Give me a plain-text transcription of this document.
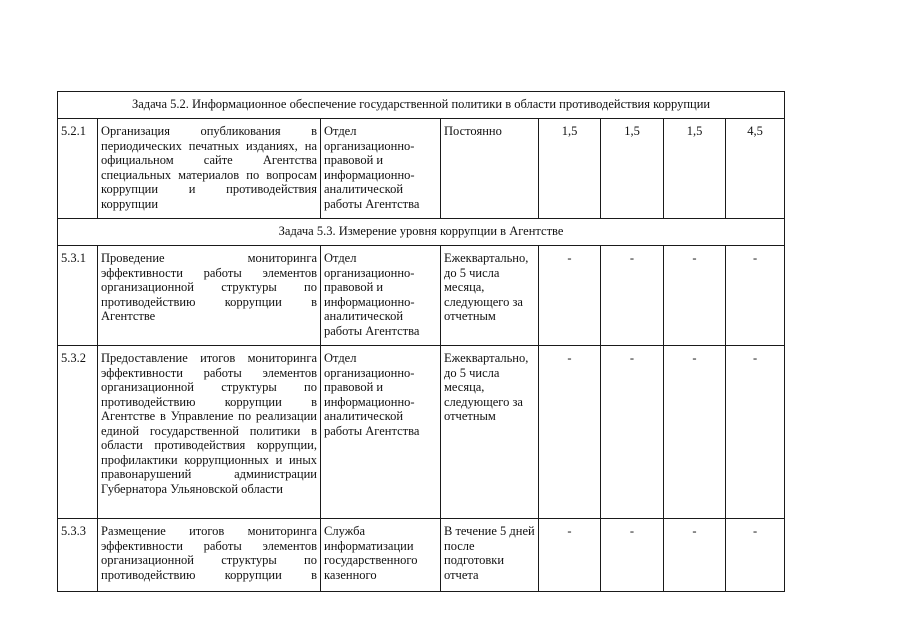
Задача 5.2. Информационное обеспечение государственной политики в области противодействия коррупции							
5.2.1	Организация опубликования в периодических печатных изданиях, на официальном сайте Агентства специальных материалов по вопросам коррупции и противодействия коррупции	Отдел организационно-правовой и информационно-аналитической работы Агентства	Постоянно	1,5	1,5	1,5	4,5
Задача 5.3. Измерение уровня коррупции в Агентстве							
5.3.1	Проведение мониторинга эффективности работы элементов организационной структуры по противодействию коррупции в Агентстве	Отдел организационно-правовой и информационно-аналитической работы Агентства	Ежеквартально, до 5 числа месяца, следующего за отчетным	-	-	-	-
5.3.2	Предоставление итогов мониторинга эффективности работы элементов организационной структуры по противодействию коррупции в Агентстве в Управление по реализации единой государственной политики в области противодействия коррупции, профилактики коррупционных и иных правонарушений администрации Губернатора Ульяновской области	Отдел организационно-правовой и информационно-аналитической работы Агентства	Ежеквартально, до 5 числа месяца, следующего за отчетным	-	-	-	-
5.3.3	Размещение итогов мониторинга эффективности работы элементов организационной структуры по противодействию коррупции в	Служба информатизации государственного казенного	В течение 5 дней после подготовки отчета	-	-	-	-
